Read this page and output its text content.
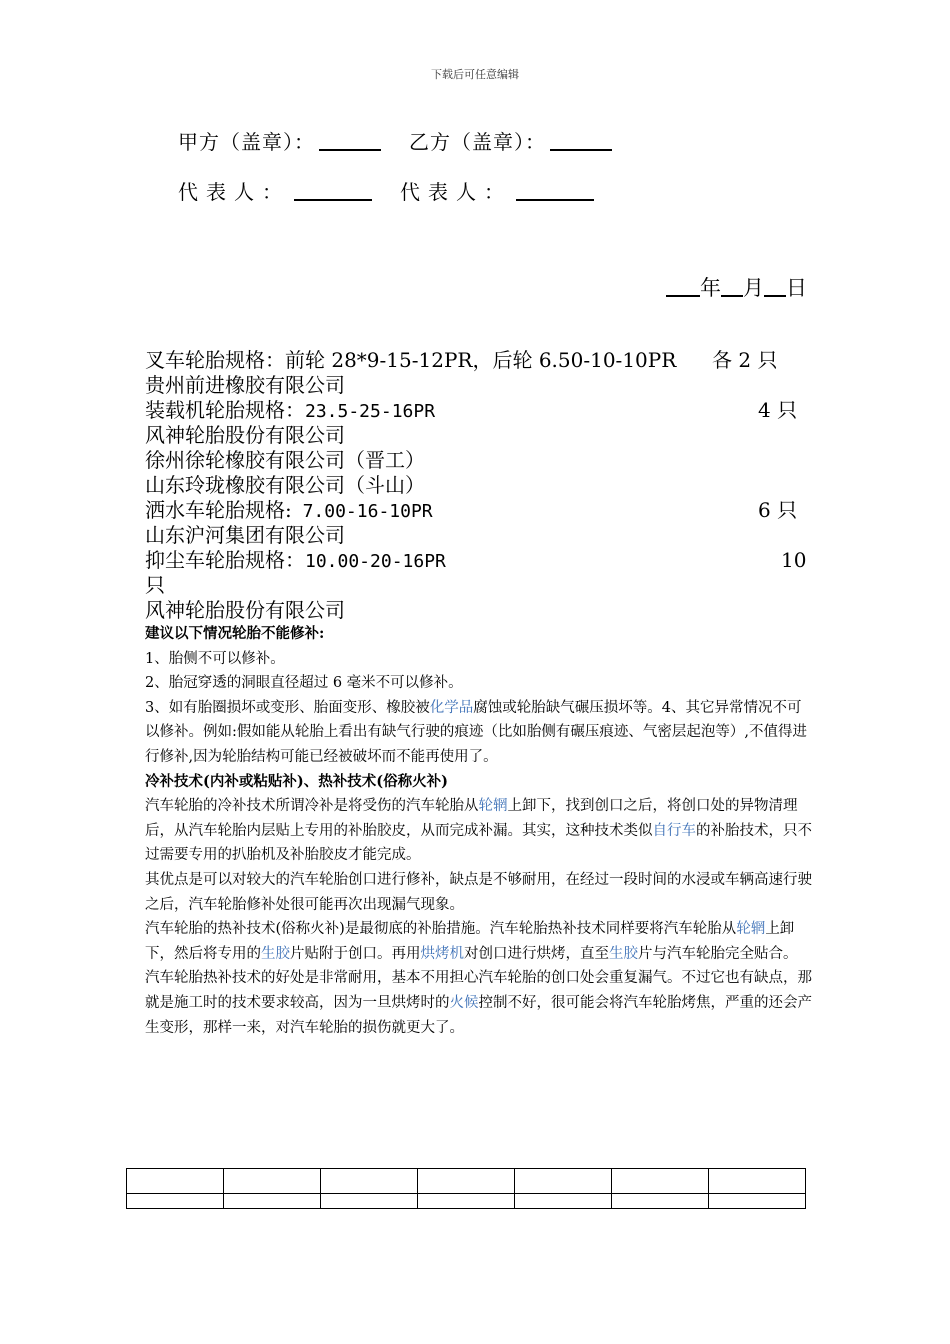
下载后可任意编辑
甲方（盖章）：	乙方（盖章）：
代表人：	代表人：
年 月 日
叉车轮胎规格：前轮 28*9-15-12PR，后轮 6.50-10-10PR 各 2 只
贵州前进橡胶有限公司
装载机轮胎规格：23.5-25-16PR	4 只
风神轮胎股份有限公司
徐州徐轮橡胶有限公司（晋工）
山东玲珑橡胶有限公司（斗山）
洒水车轮胎规格: 7.00-16-10PR	6 只
山东沪河集团有限公司
抑尘车轮胎规格：10.00-20-16PR	10
只
风神轮胎股份有限公司

建议以下情况轮胎不能修补:

1、胎侧不可以修补。

2、胎冠穿透的洞眼直径超过 6 毫米不可以修补。

3、如有胎圈损坏或变形、胎面变形、橡胶被化学品腐蚀或轮胎缺气碾压损坏等。4、其它异常情况不可以修补。例如:假如能从轮胎上看出有缺气行驶的痕迹（比如胎侧有碾压痕迹、气密层起泡等）,不值得进行修补,因为轮胎结构可能已经被破坏而不能再使用了。

冷补技术(内补或粘贴补)、热补技术(俗称火补)

汽车轮胎的冷补技术所谓冷补是将受伤的汽车轮胎从轮辋上卸下，找到创口之后，将创口处的异物清理后，从汽车轮胎内层贴上专用的补胎胶皮，从而完成补漏。其实，这种技术类似自行车的补胎技术，只不过需要专用的扒胎机及补胎胶皮才能完成。

其优点是可以对较大的汽车轮胎创口进行修补，缺点是不够耐用，在经过一段时间的水浸或车辆高速行驶之后，汽车轮胎修补处很可能再次出现漏气现象。

汽车轮胎的热补技术(俗称火补)是最彻底的补胎措施。汽车轮胎热补技术同样要将汽车轮胎从轮辋上卸下，然后将专用的生胶片贴附于创口。再用烘烤机对创口进行烘烤，直至生胶片与汽车轮胎完全贴合。

汽车轮胎热补技术的好处是非常耐用，基本不用担心汽车轮胎的创口处会重复漏气。不过它也有缺点，那就是施工时的技术要求较高，因为一旦烘烤时的火候控制不好，很可能会将汽车轮胎烤焦，严重的还会产生变形，那样一来，对汽车轮胎的损伤就更大了。
